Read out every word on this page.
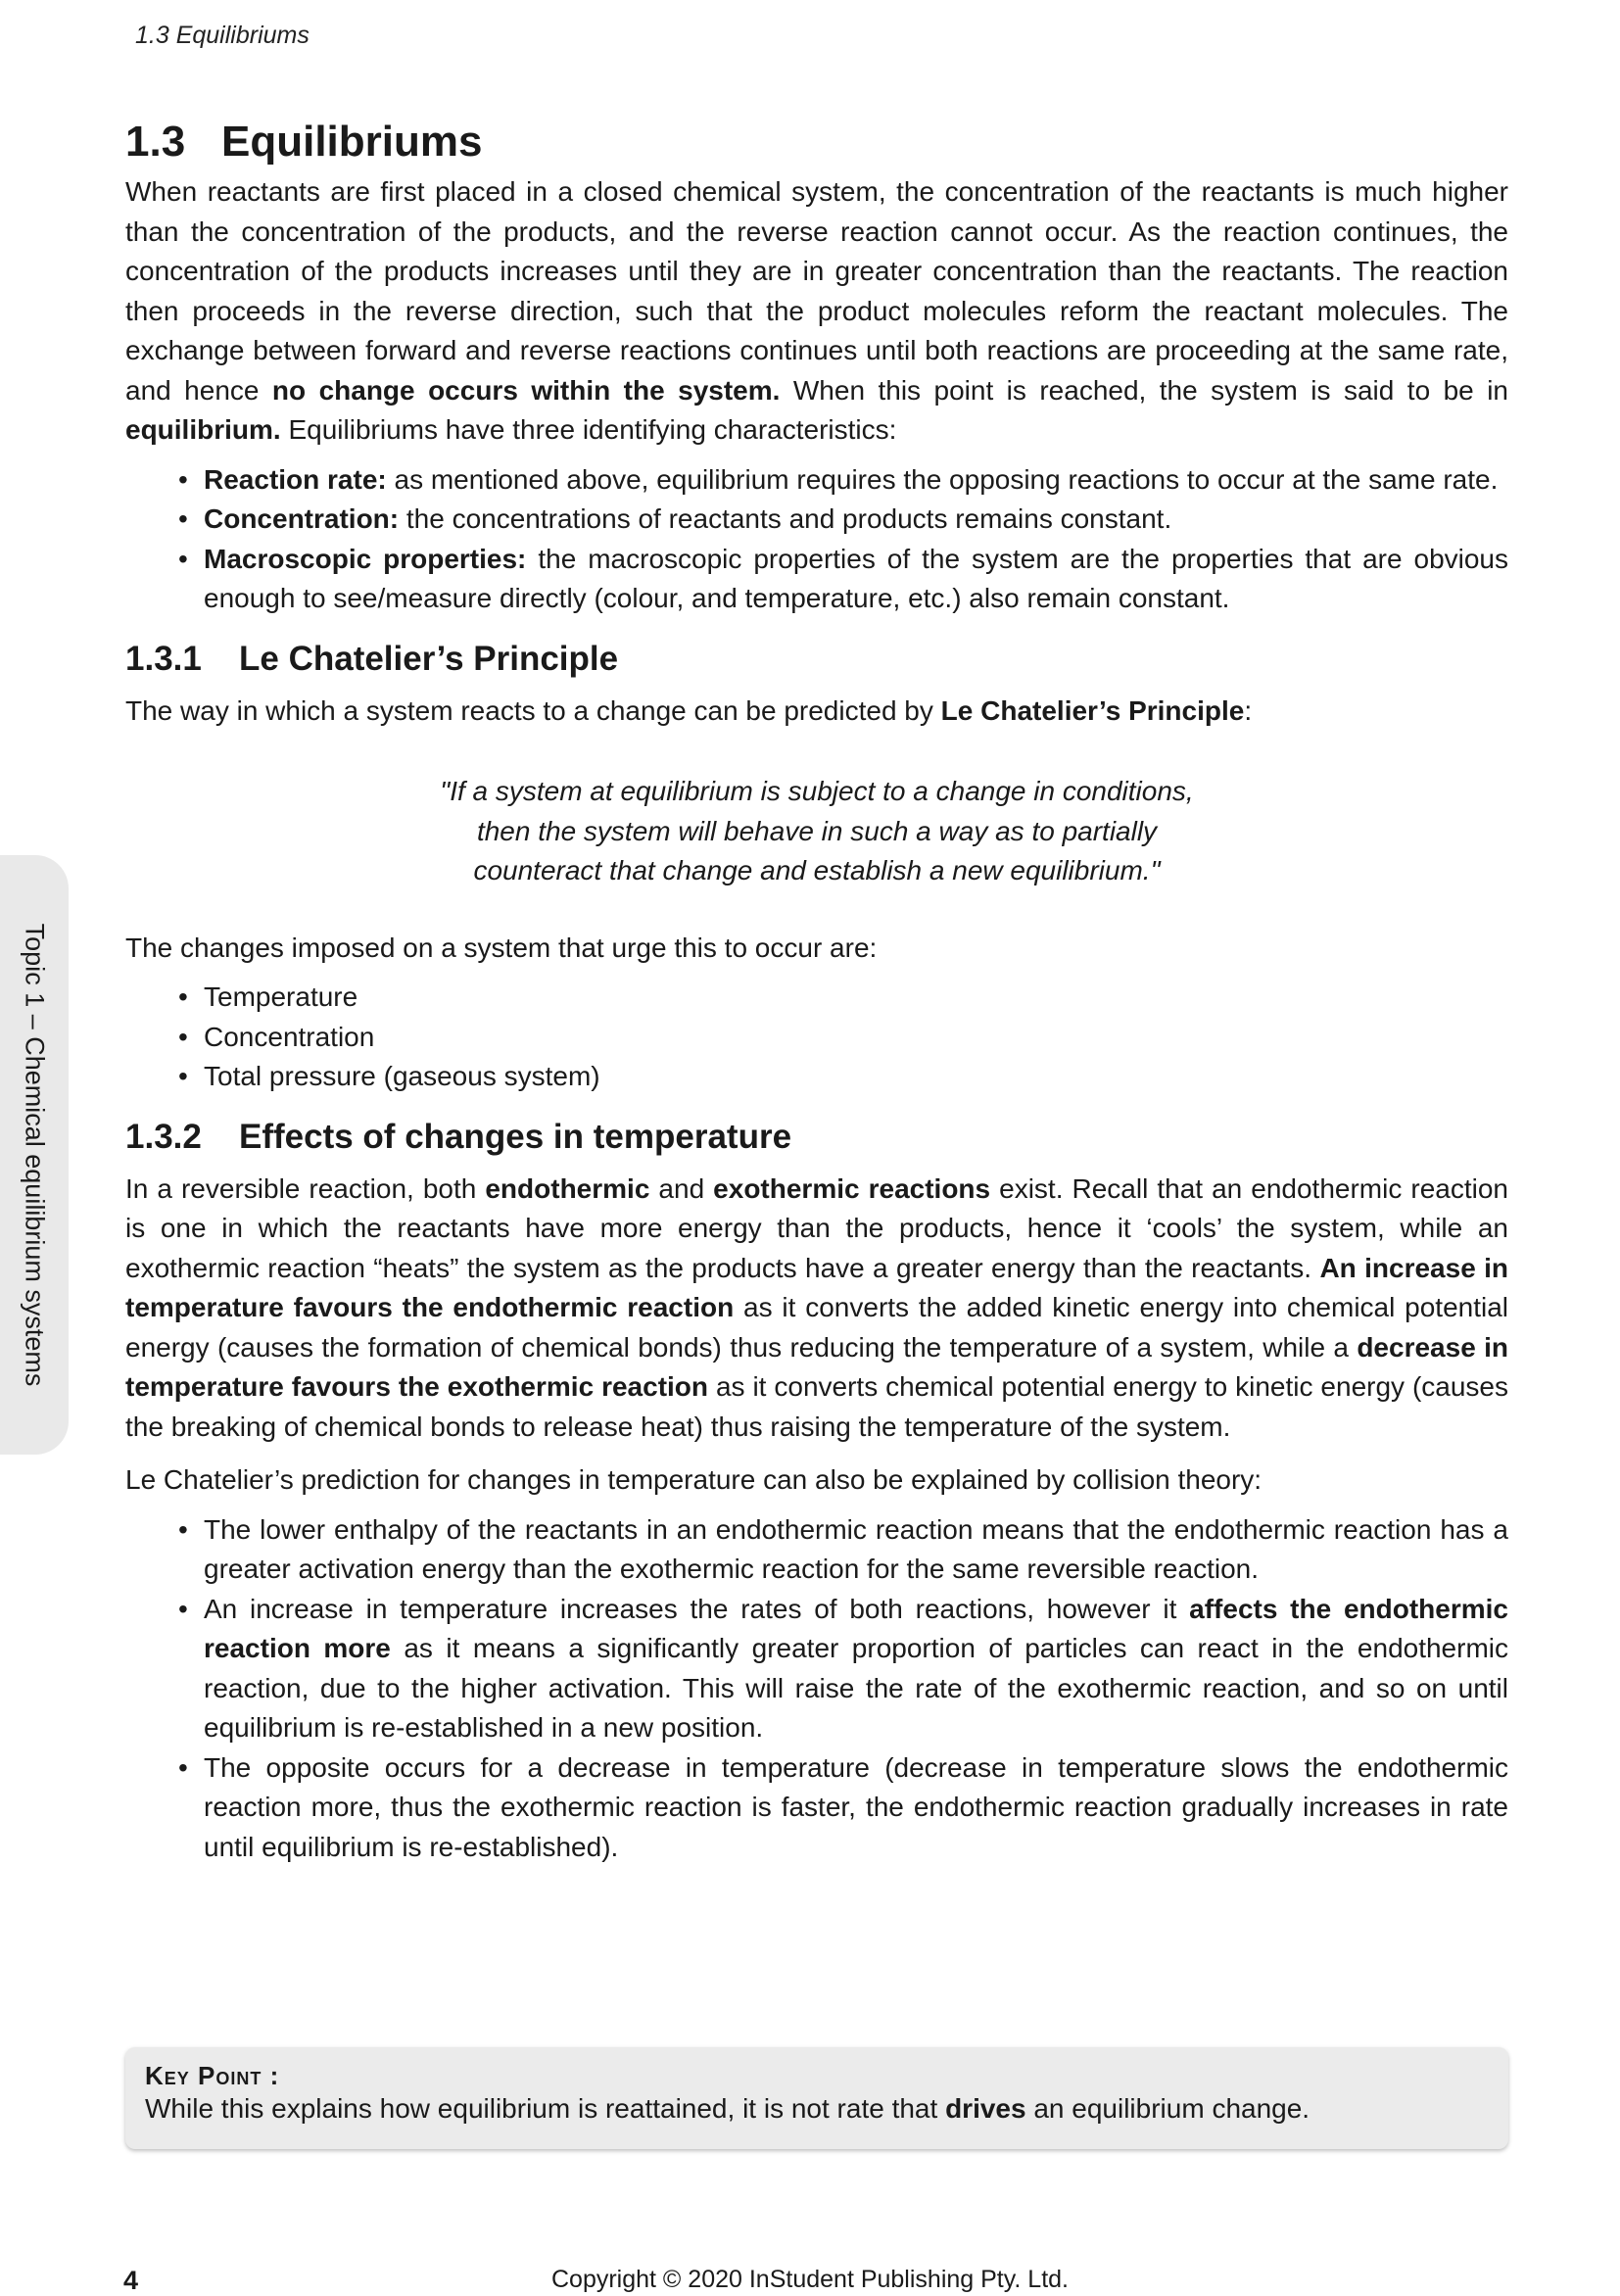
1.3 Equilibriums
Topic 1 – Chemical equilibrium systems
1.3 Equilibriums

When reactants are first placed in a closed chemical system, the concentration of the reactants is much higher than the concentration of the products, and the reverse reaction cannot occur. As the reaction continues, the concentration of the products increases until they are in greater concentration than the reactants. The reaction then proceeds in the reverse direction, such that the product molecules reform the reactant molecules. The exchange between forward and reverse reactions continues until both reactions are proceeding at the same rate, and hence no change occurs within the system. When this point is reached, the system is said to be in equilibrium. Equilibriums have three identifying characteristics:

• Reaction rate: as mentioned above, equilibrium requires the opposing reactions to occur at the same rate.
• Concentration: the concentrations of reactants and products remains constant.
• Macroscopic properties: the macroscopic properties of the system are the properties that are obvious enough to see/measure directly (colour, and temperature, etc.) also remain constant.
1.3.1 Le Chatelier’s Principle

The way in which a system reacts to a change can be predicted by Le Chatelier’s Principle:

"If a system at equilibrium is subject to a change in conditions,
then the system will behave in such a way as to partially
counteract that change and establish a new equilibrium."

The changes imposed on a system that urge this to occur are:

• Temperature
• Concentration
• Total pressure (gaseous system)
1.3.2 Effects of changes in temperature

In a reversible reaction, both endothermic and exothermic reactions exist. Recall that an endothermic reaction is one in which the reactants have more energy than the products, hence it ‘cools’ the system, while an exothermic reaction “heats” the system as the products have a greater energy than the reactants. An increase in temperature favours the endothermic reaction as it converts the added kinetic energy into chemical potential energy (causes the formation of chemical bonds) thus reducing the temperature of a system, while a decrease in temperature favours the exothermic reaction as it converts chemical potential energy to kinetic energy (causes the breaking of chemical bonds to release heat) thus raising the temperature of the system.

Le Chatelier’s prediction for changes in temperature can also be explained by collision theory:

• The lower enthalpy of the reactants in an endothermic reaction means that the endothermic reaction has a greater activation energy than the exothermic reaction for the same reversible reaction.
• An increase in temperature increases the rates of both reactions, however it affects the endothermic reaction more as it means a significantly greater proportion of particles can react in the endothermic reaction, due to the higher activation. This will raise the rate of the exothermic reaction, and so on until equilibrium is re-established in a new position.
• The opposite occurs for a decrease in temperature (decrease in temperature slows the endothermic reaction more, thus the exothermic reaction is faster, the endothermic reaction gradually increases in rate until equilibrium is re-established).
Key Point :
While this explains how equilibrium is reattained, it is not rate that drives an equilibrium change.
Copyright © 2020 InStudent Publishing Pty. Ltd.
4
